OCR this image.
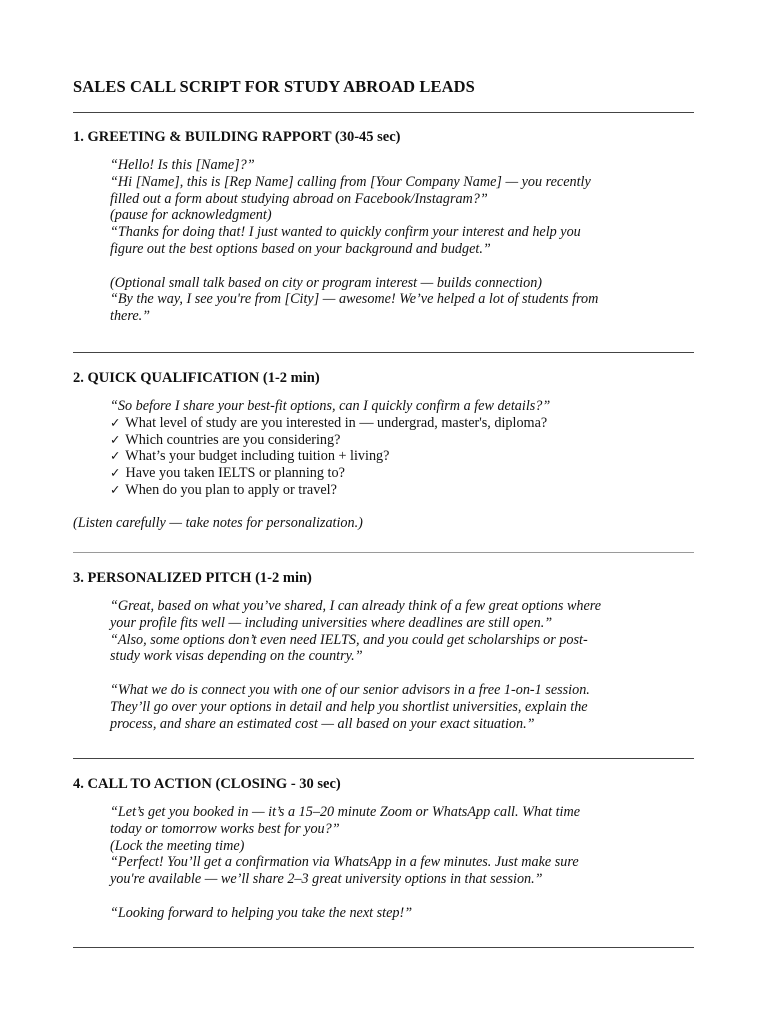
SALES CALL SCRIPT FOR STUDY ABROAD LEADS
1. GREETING & BUILDING RAPPORT (30-45 sec)
“Hello! Is this [Name]?”
“Hi [Name], this is [Rep Name] calling from [Your Company Name] — you recently
filled out a form about studying abroad on Facebook/Instagram?”
(pause for acknowledgment)
“Thanks for doing that! I just wanted to quickly confirm your interest and help you
figure out the best options based on your background and budget.”
(Optional small talk based on city or program interest — builds connection)
“By the way, I see you're from [City] — awesome! We’ve helped a lot of students from
there.”
2. QUICK QUALIFICATION (1-2 min)
“So before I share your best-fit options, can I quickly confirm a few details?”
✓ What level of study are you interested in — undergrad, master's, diploma?
✓ Which countries are you considering?
✓ What’s your budget including tuition + living?
✓ Have you taken IELTS or planning to?
✓ When do you plan to apply or travel?
(Listen carefully — take notes for personalization.)
3. PERSONALIZED PITCH (1-2 min)
“Great, based on what you’ve shared, I can already think of a few great options where
your profile fits well — including universities where deadlines are still open.”
“Also, some options don’t even need IELTS, and you could get scholarships or post-
study work visas depending on the country.”
“What we do is connect you with one of our senior advisors in a free 1-on-1 session.
They’ll go over your options in detail and help you shortlist universities, explain the
process, and share an estimated cost — all based on your exact situation.”
4. CALL TO ACTION (CLOSING - 30 sec)
“Let’s get you booked in — it’s a 15–20 minute Zoom or WhatsApp call. What time
today or tomorrow works best for you?”
(Lock the meeting time)
“Perfect! You’ll get a confirmation via WhatsApp in a few minutes. Just make sure
you're available — we’ll share 2–3 great university options in that session.”
“Looking forward to helping you take the next step!”
